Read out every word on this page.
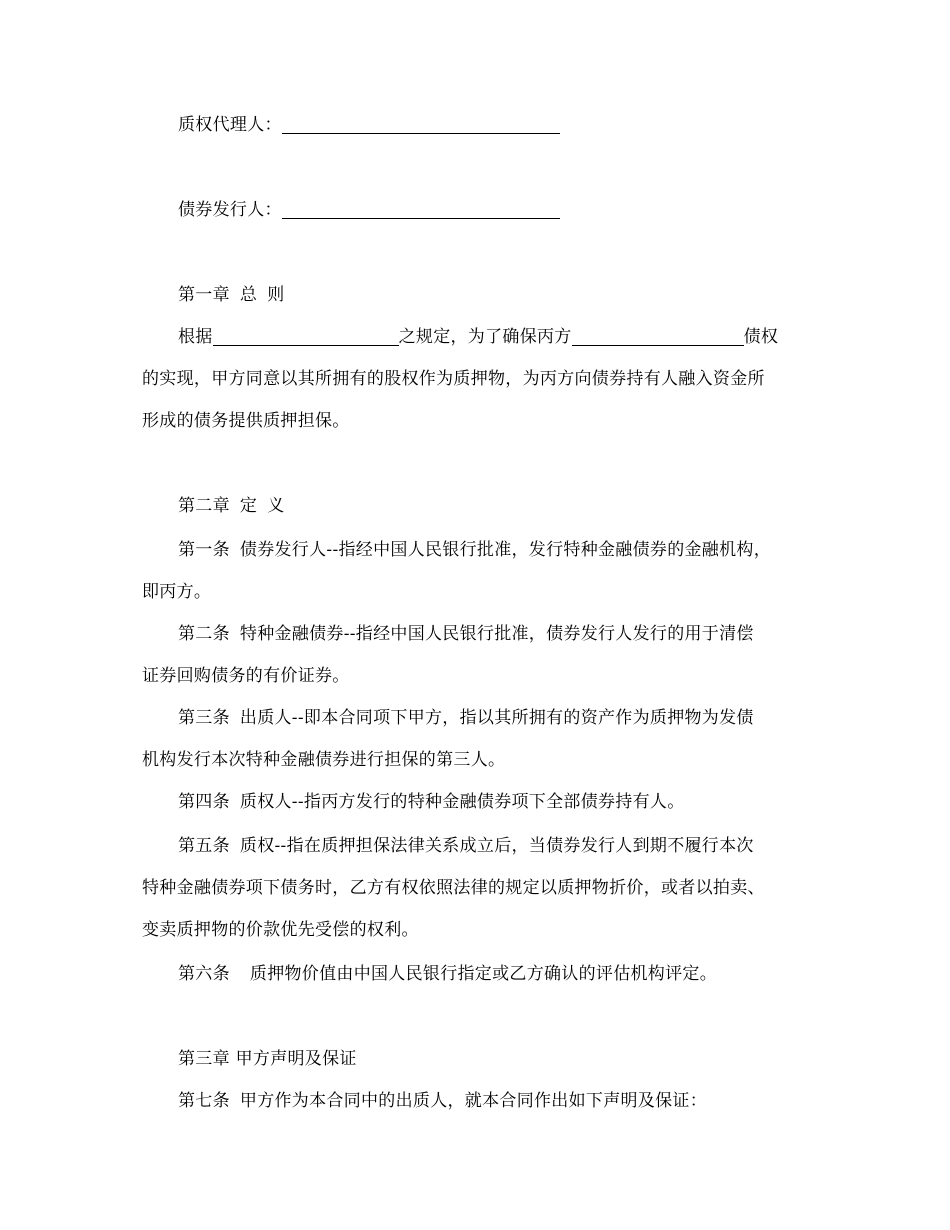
质权代理人：
债券发行人：
第一章 总 则
根据	之规定，为了确保丙方	债权
的实现，甲方同意以其所拥有的股权作为质押物，为丙方向债券持有人融入资金所
形成的债务提供质押担保。
第二章 定 义
第一条 债券发行人--指经中国人民银行批准，发行特种金融债券的金融机构，
即丙方。
第二条 特种金融债券--指经中国人民银行批准，债券发行人发行的用于清偿
证券回购债务的有价证券。
第三条 出质人--即本合同项下甲方，指以其所拥有的资产作为质押物为发债
机构发行本次特种金融债券进行担保的第三人。
第四条 质权人--指丙方发行的特种金融债券项下全部债券持有人。
第五条 质权--指在质押担保法律关系成立后，当债券发行人到期不履行本次
特种金融债券项下债务时，乙方有权依照法律的规定以质押物折价，或者以拍卖、
变卖质押物的价款优先受偿的权利。
第六条 质押物价值由中国人民银行指定或乙方确认的评估机构评定。
第三章 甲方声明及保证
第七条 甲方作为本合同中的出质人，就本合同作出如下声明及保证：
